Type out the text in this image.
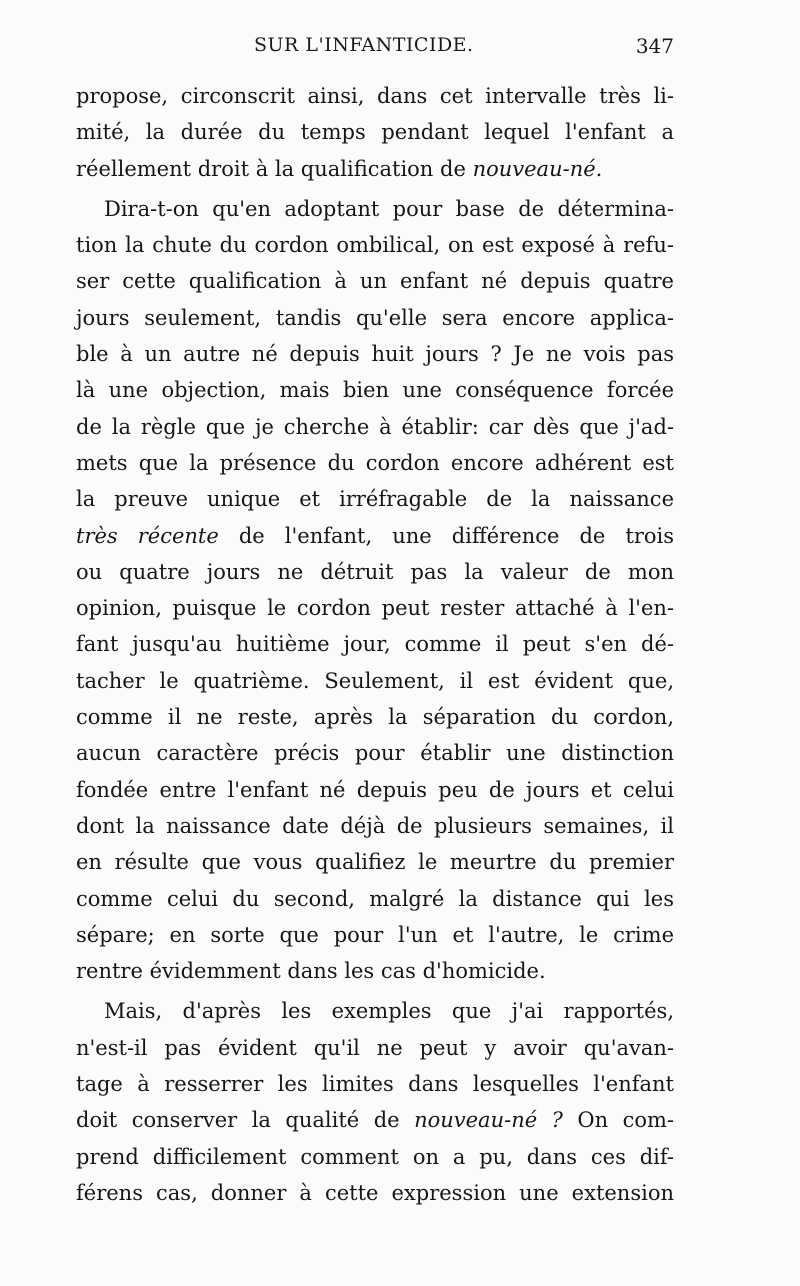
SUR L'INFANTICIDE.	347
propose, circonscrit ainsi, dans cet intervalle très li-
mité, la durée du temps pendant lequel l'enfant a
réellement droit à la qualification de nouveau-né.
Dira-t-on qu'en adoptant pour base de détermina-
tion la chute du cordon ombilical, on est exposé à refu-
ser cette qualification à un enfant né depuis quatre
jours seulement, tandis qu'elle sera encore applica-
ble à un autre né depuis huit jours ? Je ne vois pas
là une objection, mais bien une conséquence forcée
de la règle que je cherche à établir: car dès que j'ad-
mets que la présence du cordon encore adhérent est
la preuve unique et irréfragable de la naissance
très récente de l'enfant, une différence de trois
ou quatre jours ne détruit pas la valeur de mon
opinion, puisque le cordon peut rester attaché à l'en-
fant jusqu'au huitième jour, comme il peut s'en dé-
tacher le quatrième. Seulement, il est évident que,
comme il ne reste, après la séparation du cordon,
aucun caractère précis pour établir une distinction
fondée entre l'enfant né depuis peu de jours et celui
dont la naissance date déjà de plusieurs semaines, il
en résulte que vous qualifiez le meurtre du premier
comme celui du second, malgré la distance qui les
sépare; en sorte que pour l'un et l'autre, le crime
rentre évidemment dans les cas d'homicide.
Mais, d'après les exemples que j'ai rapportés,
n'est-il pas évident qu'il ne peut y avoir qu'avan-
tage à resserrer les limites dans lesquelles l'enfant
doit conserver la qualité de nouveau-né ? On com-
prend difficilement comment on a pu, dans ces dif-
férens cas, donner à cette expression une extension
